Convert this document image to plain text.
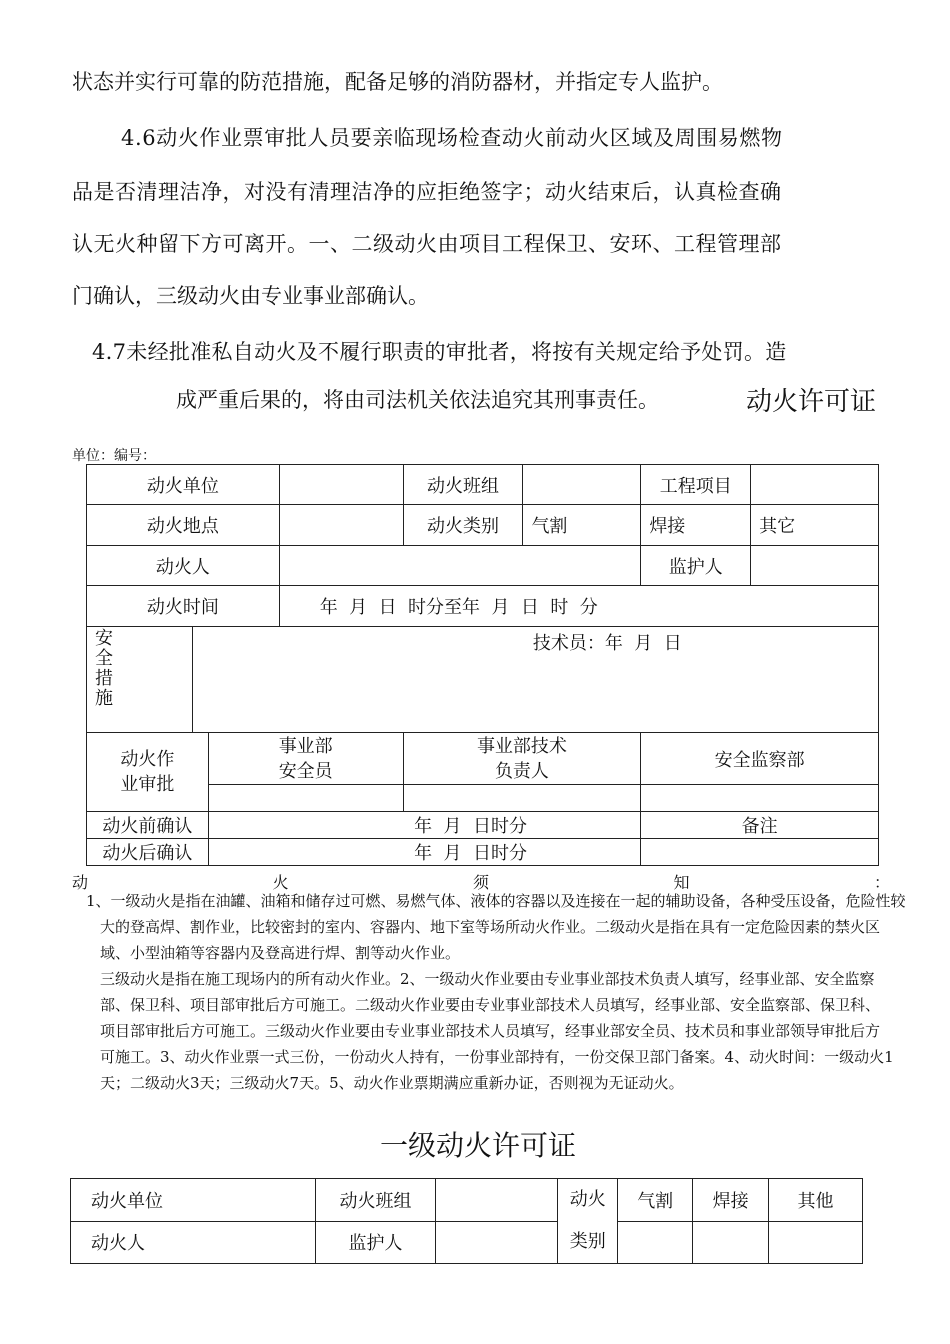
状态并实行可靠的防范措施，配备足够的消防器材，并指定专人监护。
4.6动火作业票审批人员要亲临现场检查动火前动火区域及周围易燃物
品是否清理洁净，对没有清理洁净的应拒绝签字；动火结束后，认真检查确
认无火种留下方可离开。一、二级动火由项目工程保卫、安环、工程管理部
门确认，三级动火由专业事业部确认。
4.7未经批准私自动火及不履行职责的审批者，将按有关规定给予处罚。造
成严重后果的，将由司法机关依法追究其刑事责任。	动火许可证
单位：编号：
动火单位				动火班组		工程项目	
动火地点				动火类别	气割	焊接	其它
动火人						监护人	
动火时间			年  月  日  时分至年  月  日  时  分				

安全措施	技术员：年  月  日						

动火作业审批		事业部安全员		事业部技术负责人		安全监察部	

动火前确认		年  月  日时分				备注	
动火后确认		年  月  日时分					
动	火	须	知	：
1、一级动火是指在油罐、油箱和储存过可燃、易燃气体、液体的容器以及连接在一起的辅助设备，各种受压设备，危险性较大的登高焊、割作业，比较密封的室内、容器内、地下室等场所动火作业。二级动火是指在具有一定危险因素的禁火区域、小型油箱等容器内及登高进行焊、割等动火作业。
三级动火是指在施工现场内的所有动火作业。2、一级动火作业要由专业事业部技术负责人填写，经事业部、安全监察部、保卫科、项目部审批后方可施工。二级动火作业要由专业事业部技术人员填写，经事业部、安全监察部、保卫科、项目部审批后方可施工。三级动火作业要由专业事业部技术人员填写，经事业部安全员、技术员和事业部领导审批后方可施工。3、动火作业票一式三份，一份动火人持有，一份事业部持有，一份交保卫部门备案。4、动火时间：一级动火1天；二级动火3天；三级动火7天。5、动火作业票期满应重新办证，否则视为无证动火。
一级动火许可证
动火单位	动火班组		动火类别	气割	焊接	其他
动火人	监护人					
